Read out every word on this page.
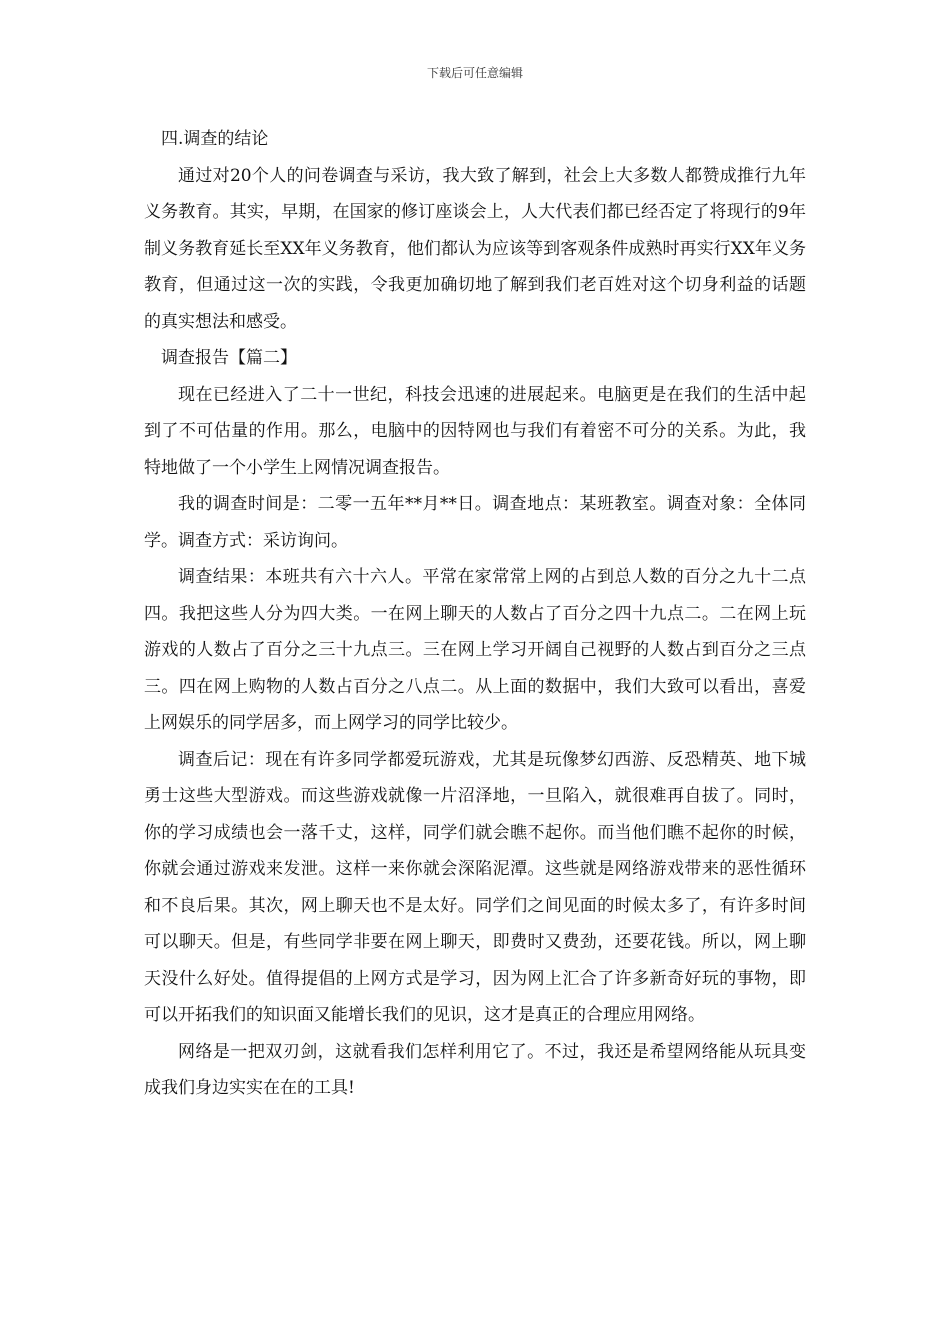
下载后可任意编辑

四.调查的结论

通过对20个人的问卷调查与采访，我大致了解到，社会上大多数人都赞成推行九年义务教育。其实，早期，在国家的修订座谈会上，人大代表们都已经否定了将现行的9年制义务教育延长至XX年义务教育，他们都认为应该等到客观条件成熟时再实行XX年义务教育，但通过这一次的实践，令我更加确切地了解到我们老百姓对这个切身利益的话题的真实想法和感受。

调查报告【篇二】

现在已经进入了二十一世纪，科技会迅速的进展起来。电脑更是在我们的生活中起到了不可估量的作用。那么，电脑中的因特网也与我们有着密不可分的关系。为此，我特地做了一个小学生上网情况调查报告。

我的调查时间是：二零一五年**月**日。调查地点：某班教室。调查对象：全体同学。调查方式：采访询问。

调查结果：本班共有六十六人。平常在家常常上网的占到总人数的百分之九十二点四。我把这些人分为四大类。一在网上聊天的人数占了百分之四十九点二。二在网上玩游戏的人数占了百分之三十九点三。三在网上学习开阔自己视野的人数占到百分之三点三。四在网上购物的人数占百分之八点二。从上面的数据中，我们大致可以看出，喜爱上网娱乐的同学居多，而上网学习的同学比较少。

调查后记：现在有许多同学都爱玩游戏，尤其是玩像梦幻西游、反恐精英、地下城勇士这些大型游戏。而这些游戏就像一片沼泽地，一旦陷入，就很难再自拔了。同时，你的学习成绩也会一落千丈，这样，同学们就会瞧不起你。而当他们瞧不起你的时候，你就会通过游戏来发泄。这样一来你就会深陷泥潭。这些就是网络游戏带来的恶性循环和不良后果。其次，网上聊天也不是太好。同学们之间见面的时候太多了，有许多时间可以聊天。但是，有些同学非要在网上聊天，即费时又费劲，还要花钱。所以，网上聊天没什么好处。值得提倡的上网方式是学习，因为网上汇合了许多新奇好玩的事物，即可以开拓我们的知识面又能增长我们的见识，这才是真正的合理应用网络。

网络是一把双刃剑，这就看我们怎样利用它了。不过，我还是希望网络能从玩具变成我们身边实实在在的工具!
